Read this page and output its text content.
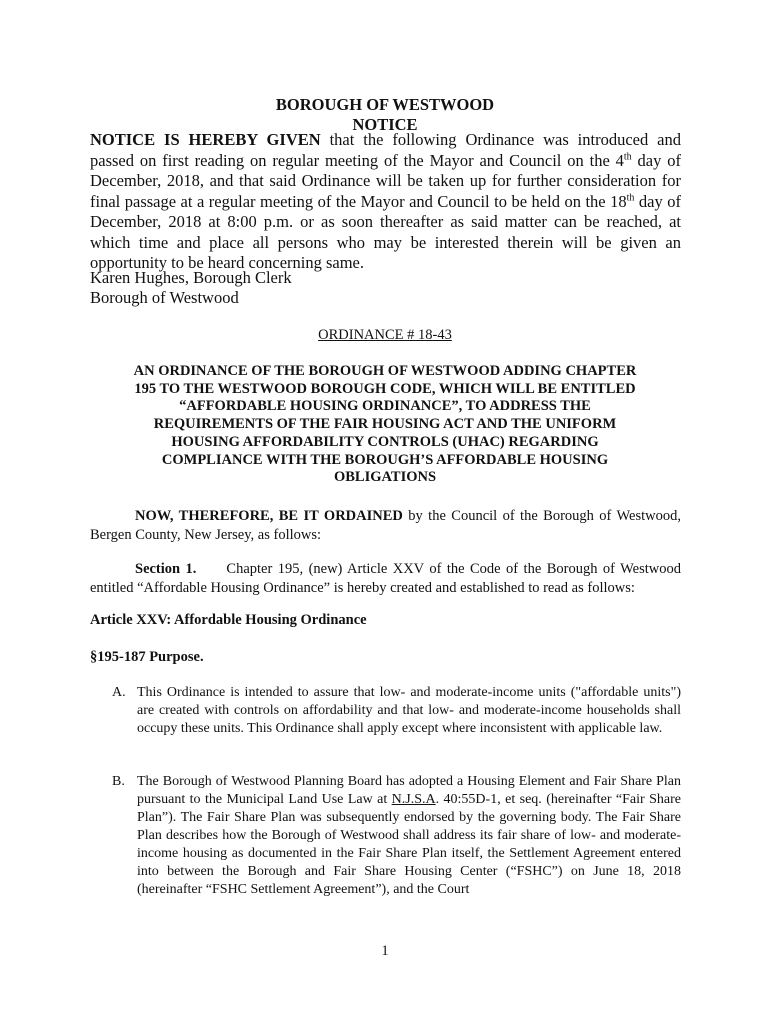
BOROUGH OF WESTWOOD
NOTICE

NOTICE IS HEREBY GIVEN that the following Ordinance was introduced and passed on first reading on regular meeting of the Mayor and Council on the 4th day of December, 2018, and that said Ordinance will be taken up for further consideration for final passage at a regular meeting of the Mayor and Council to be held on the 18th day of December, 2018 at 8:00 p.m. or as soon thereafter as said matter can be reached, at which time and place all persons who may be interested therein will be given an opportunity to be heard concerning same.

Karen Hughes, Borough Clerk

Borough of Westwood

ORDINANCE # 18-43

AN ORDINANCE OF THE BOROUGH OF WESTWOOD ADDING CHAPTER
195 TO THE WESTWOOD BOROUGH CODE, WHICH WILL BE ENTITLED
“AFFORDABLE HOUSING ORDINANCE”, TO ADDRESS THE
REQUIREMENTS OF THE FAIR HOUSING ACT AND THE UNIFORM
HOUSING AFFORDABILITY CONTROLS (UHAC) REGARDING
COMPLIANCE WITH THE BOROUGH’S AFFORDABLE HOUSING
OBLIGATIONS

NOW, THEREFORE, BE IT ORDAINED by the Council of the Borough of Westwood, Bergen County, New Jersey, as follows:

Section 1. Chapter 195, (new) Article XXV of the Code of the Borough of Westwood entitled “Affordable Housing Ordinance” is hereby created and established to read as follows:

Article XXV: Affordable Housing Ordinance

§195-187 Purpose.

A. This Ordinance is intended to assure that low- and moderate-income units ("affordable units") are created with controls on affordability and that low- and moderate-income households shall occupy these units. This Ordinance shall apply except where inconsistent with applicable law.
B. The Borough of Westwood Planning Board has adopted a Housing Element and Fair Share Plan pursuant to the Municipal Land Use Law at N.J.S.A. 40:55D-1, et seq. (hereinafter “Fair Share Plan”). The Fair Share Plan was subsequently endorsed by the governing body. The Fair Share Plan describes how the Borough of Westwood shall address its fair share of low- and moderate-income housing as documented in the Fair Share Plan itself, the Settlement Agreement entered into between the Borough and Fair Share Housing Center (“FSHC”) on June 18, 2018 (hereinafter “FSHC Settlement Agreement”), and the Court
1
